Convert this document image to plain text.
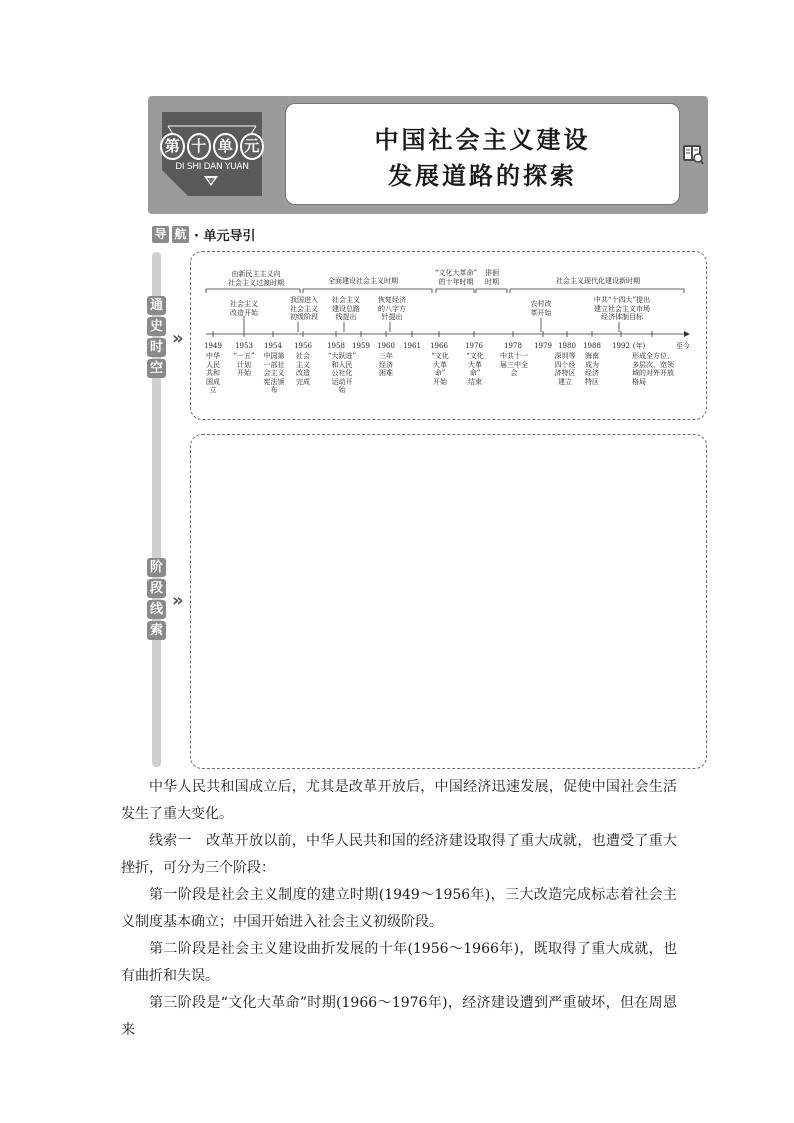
第 十 单 元
DI SHI DAN YUAN
中国社会主义建设
发展道路的探索
导 航 · 单元导引
通
史
时
空
»
阶
段
线
索
»
由新民主主义向
社会主义过渡时期	全面建设社会主义时期
“文化大革命”
的十年时期
徘徊
时期	社会主义现代化建设新时期
社会主义
改造开始
我国进入
社会主义
初级阶段
社会主义
建设总路
线提出
恢复经济
的八字方
针提出
农村改
革开始
中共“十四大”提出
建立社会主义市场
经济体制目标
1949	1953	1954	1956	1958	1959	1960	1961	1966	1976	1978	1979 1980	1988	1992 (年)	至今
中华
人民
共和
国成
立
“一五”
计划
开始
中国第
一部社
会主义
宪法颁
布
社会
主义
改造
完成
“大跃进”
和人民
公社化
运动开
始
三年
经济
困难
“文化
大革
命”
开始
“文化
大革
命”
结束
中共十一
届三中全
会
深圳等
四个经
济特区
建立
海南
成为
经济
特区
形成全方位、
多层次、宽领
域的对外开放
格局

中华人民共和国成立后，尤其是改革开放后，中国经济迅速发展，促使中国社会生活发生了重大变化。

线索一　改革开放以前，中华人民共和国的经济建设取得了重大成就，也遭受了重大挫折，可分为三个阶段：

第一阶段是社会主义制度的建立时期(1949～1956年)，三大改造完成标志着社会主义制度基本确立；中国开始进入社会主义初级阶段。

第二阶段是社会主义建设曲折发展的十年(1956～1966年)，既取得了重大成就，也有曲折和失误。

第三阶段是“文化大革命”时期(1966～1976年)，经济建设遭到严重破坏，但在周恩来
